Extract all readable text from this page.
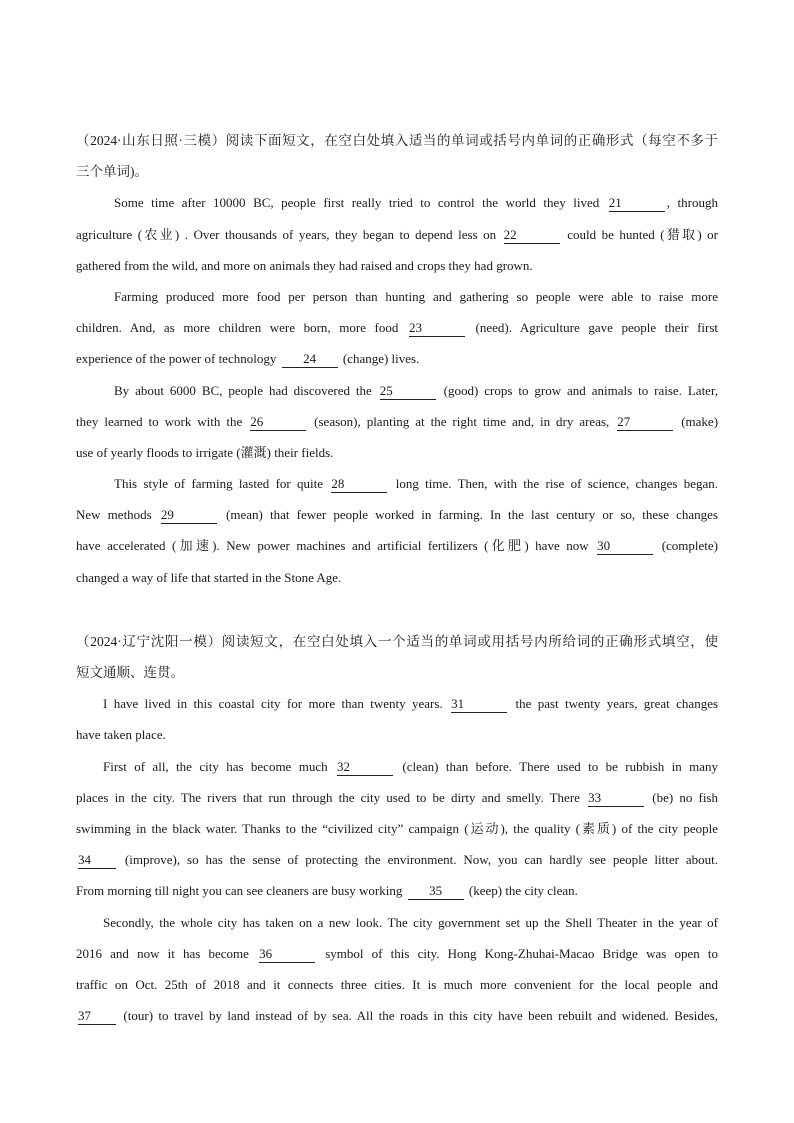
（2024·山东日照·三模）阅读下面短文，在空白处填入适当的单词或括号内单词的正确形式（每空不多于
三个单词)。
Some time after 10000 BC, people first really tried to control the world they lived 21	, through
agriculture (农业) . Over thousands of years, they began to depend less on 22	could be hunted (猎取) or
gathered from the wild, and more on animals they had raised and crops they had grown.
Farming produced more food per person than hunting and gathering so people were able to raise more
children. And, as more children were born, more food 23	(need). Agriculture gave people their first
experience of the power of technology 24 (change) lives.
By about 6000 BC, people had discovered the 25	(good) crops to grow and animals to raise. Later,
they learned to work with the 26	(season), planting at the right time and, in dry areas, 27	(make)
use of yearly floods to irrigate (灌溉) their fields.
This style of farming lasted for quite 28	long time. Then, with the rise of science, changes began.
New methods 29	(mean) that fewer people worked in farming. In the last century or so, these changes
have accelerated (加速). New power machines and artificial fertilizers (化肥) have now 30	(complete)
changed a way of life that started in the Stone Age.
（2024·辽宁沈阳一模）阅读短文，在空白处填入一个适当的单词或用括号内所给词的正确形式填空，使
短文通顺、连贯。
I have lived in this coastal city for more than twenty years. 31	the past twenty years, great changes
have taken place.
First of all, the city has become much 32	(clean) than before. There used to be rubbish in many
places in the city. The rivers that run through the city used to be dirty and smelly. There 33	(be) no fish
swimming in the black water. Thanks to the “civilized city” campaign (运动), the quality (素质) of the city people
34	(improve), so has the sense of protecting the environment. Now, you can hardly see people litter about.
From morning till night you can see cleaners are busy working 35 (keep) the city clean.
Secondly, the whole city has taken on a new look. The city government set up the Shell Theater in the year of
2016 and now it has become 36	symbol of this city. Hong Kong-Zhuhai-Macao Bridge was open to
traffic on Oct. 25th of 2018 and it connects three cities. It is much more convenient for the local people and
37 (tour) to travel by land instead of by sea. All the roads in this city have been rebuilt and widened. Besides,
